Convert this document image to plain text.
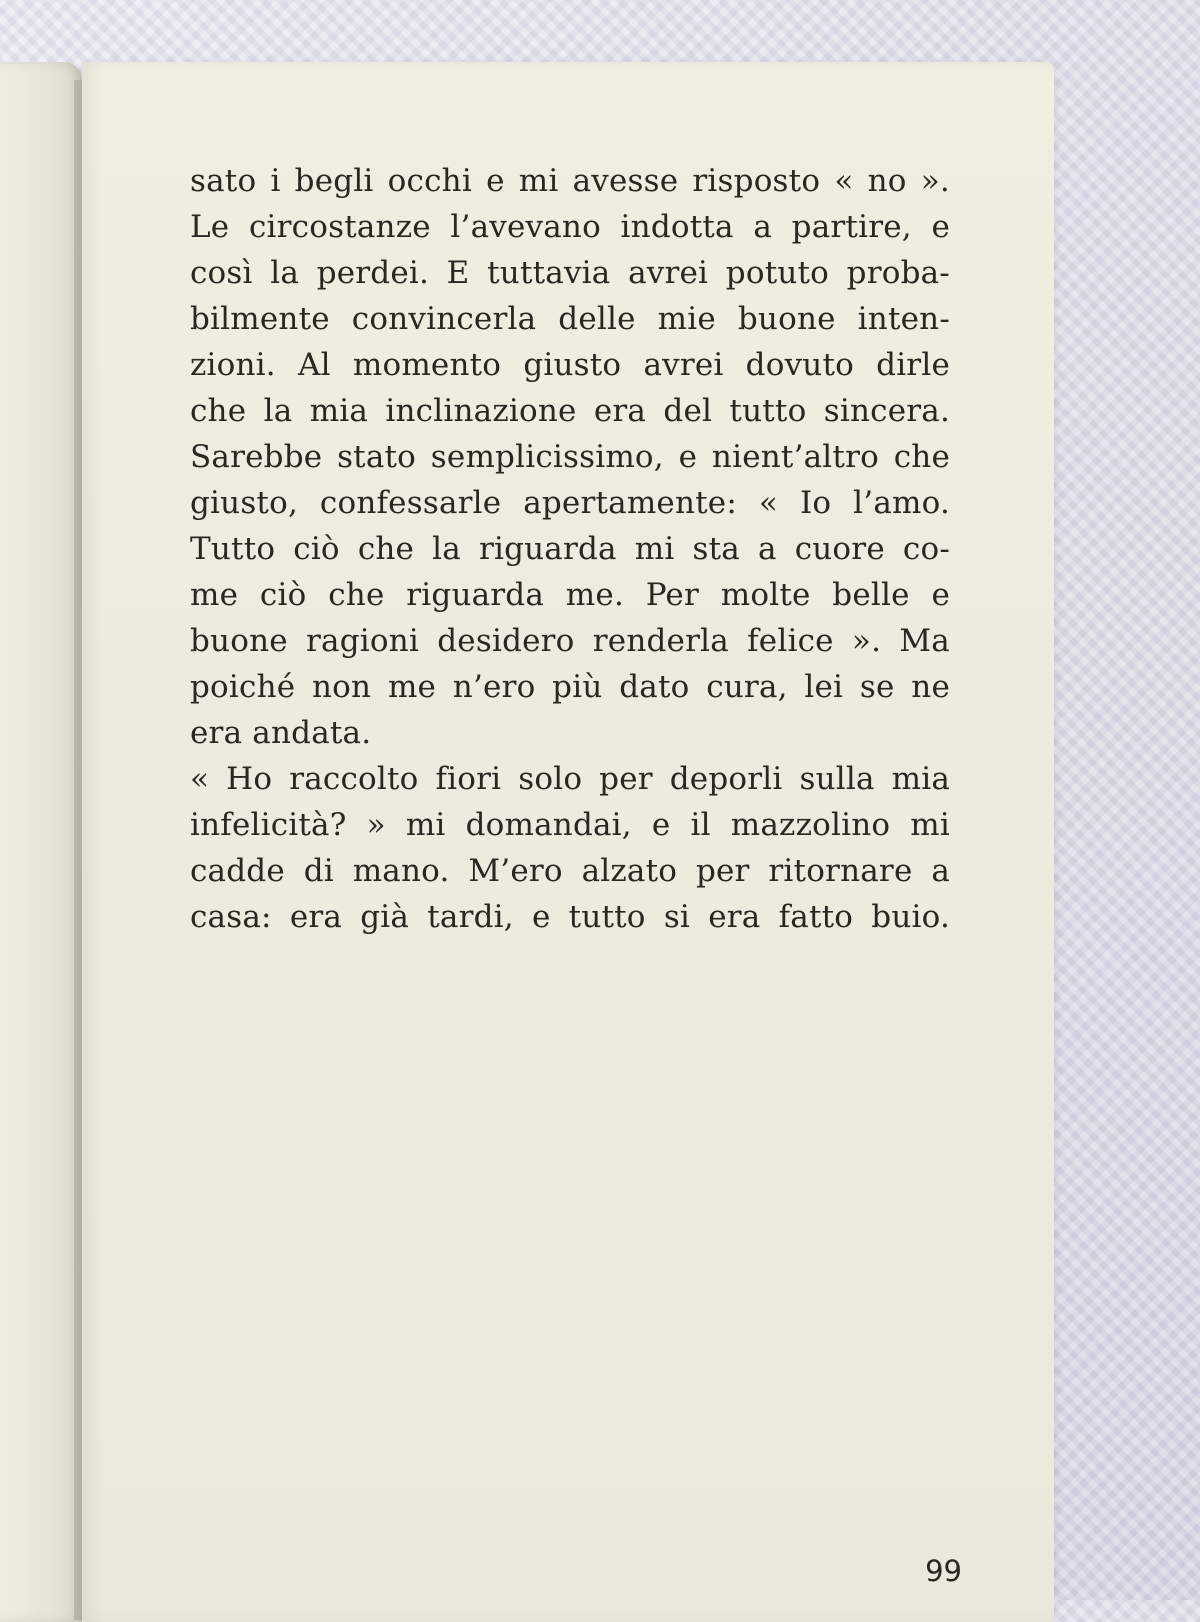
sato i begli occhi e mi avesse risposto « no ».
Le circostanze l’avevano indotta a partire, e
così la perdei. E tuttavia avrei potuto proba-
bilmente convincerla delle mie buone inten-
zioni. Al momento giusto avrei dovuto dirle
che la mia inclinazione era del tutto sincera.
Sarebbe stato semplicissimo, e nient’altro che
giusto, confessarle apertamente: « Io l’amo.
Tutto ciò che la riguarda mi sta a cuore co-
me ciò che riguarda me. Per molte belle e
buone ragioni desidero renderla felice ». Ma
poiché non me n’ero più dato cura, lei se ne
era andata.
« Ho raccolto fiori solo per deporli sulla mia
infelicità? » mi domandai, e il mazzolino mi
cadde di mano. M’ero alzato per ritornare a
casa: era già tardi, e tutto si era fatto buio.
99
